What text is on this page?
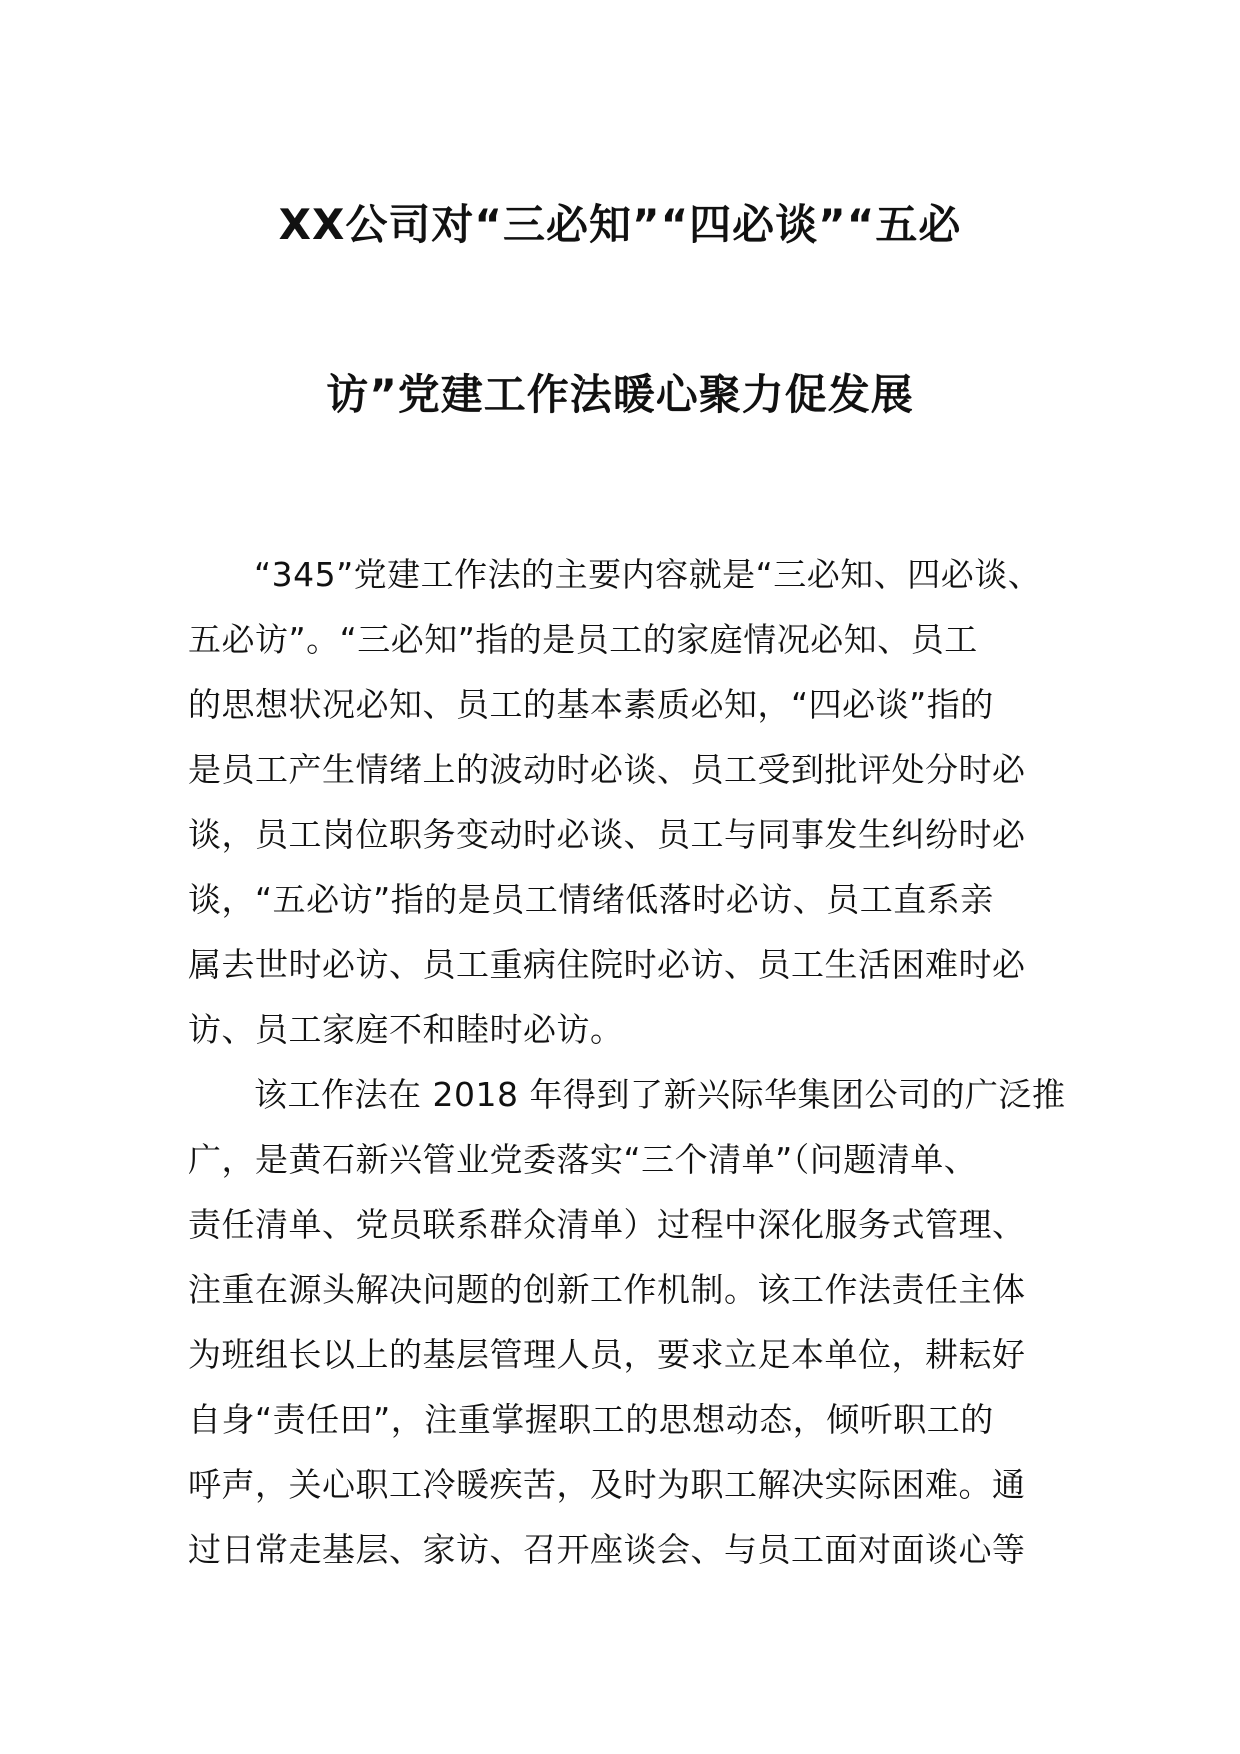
XX公司对“三必知”“四必谈”“五必

访”党建工作法暖心聚力促发展

“345”党建工作法的主要内容就是“三必知、四必谈、

五必访”。“三必知”指的是员工的家庭情况必知、员工

的思想状况必知、员工的基本素质必知，“四必谈”指的

是员工产生情绪上的波动时必谈、员工受到批评处分时必

谈，员工岗位职务变动时必谈、员工与同事发生纠纷时必

谈，“五必访”指的是员工情绪低落时必访、员工直系亲

属去世时必访、员工重病住院时必访、员工生活困难时必

访、员工家庭不和睦时必访。

该工作法在 2018 年得到了新兴际华集团公司的广泛推

广，是黄石新兴管业党委落实“三个清单”（问题清单、

责任清单、党员联系群众清单）过程中深化服务式管理、

注重在源头解决问题的创新工作机制。该工作法责任主体

为班组长以上的基层管理人员，要求立足本单位，耕耘好

自身“责任田”，注重掌握职工的思想动态，倾听职工的

呼声，关心职工冷暖疾苦，及时为职工解决实际困难。通

过日常走基层、家访、召开座谈会、与员工面对面谈心等
